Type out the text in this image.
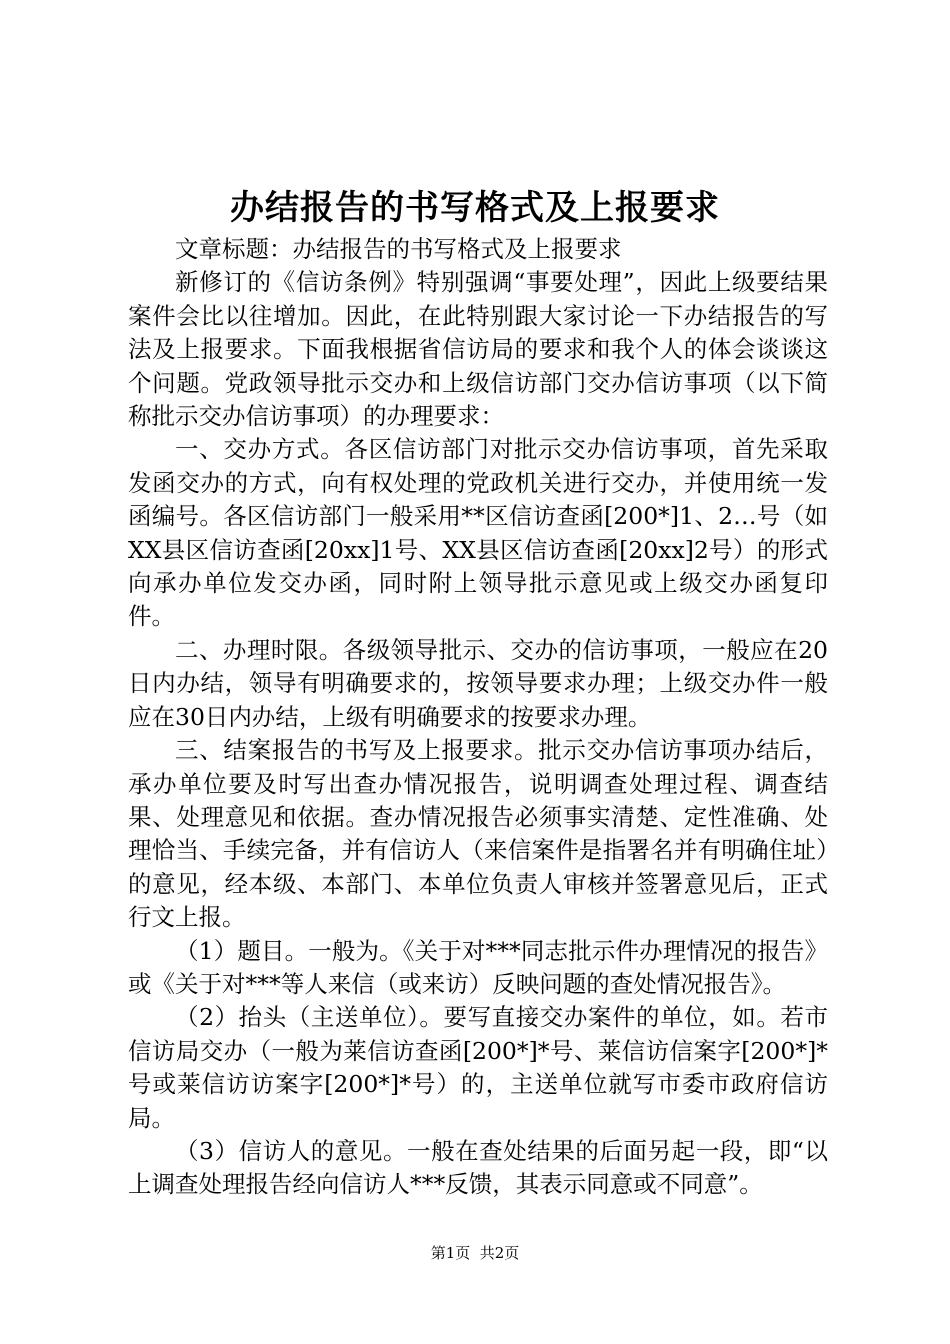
办结报告的书写格式及上报要求

文章标题：办结报告的书写格式及上报要求

新修订的《信访条例》特别强调“事要处理”，因此上级要结果案件会比以往增加。因此，在此特别跟大家讨论一下办结报告的写法及上报要求。下面我根据省信访局的要求和我个人的体会谈谈这个问题。党政领导批示交办和上级信访部门交办信访事项（以下简称批示交办信访事项）的办理要求：

一、交办方式。各区信访部门对批示交办信访事项，首先采取发函交办的方式，向有权处理的党政机关进行交办，并使用统一发函编号。各区信访部门一般采用**区信访查函[200*]1、2…号（如XX县区信访查函[20xx]1号、XX县区信访查函[20xx]2号）的形式向承办单位发交办函，同时附上领导批示意见或上级交办函复印件。

二、办理时限。各级领导批示、交办的信访事项，一般应在20日内办结，领导有明确要求的，按领导要求办理；上级交办件一般应在30日内办结，上级有明确要求的按要求办理。

三、结案报告的书写及上报要求。批示交办信访事项办结后，承办单位要及时写出查办情况报告，说明调查处理过程、调查结果、处理意见和依据。查办情况报告必须事实清楚、定性准确、处理恰当、手续完备，并有信访人（来信案件是指署名并有明确住址）的意见，经本级、本部门、本单位负责人审核并签署意见后，正式行文上报。

（1）题目。一般为。《关于对***同志批示件办理情况的报告》或《关于对***等人来信（或来访）反映问题的查处情况报告》。

（2）抬头（主送单位）。要写直接交办案件的单位，如。若市信访局交办（一般为莱信访查函[200*]*号、莱信访信案字[200*]*号或莱信访访案字[200*]*号）的，主送单位就写市委市政府信访局。

（3）信访人的意见。一般在查处结果的后面另起一段，即“以上调查处理报告经向信访人***反馈，其表示同意或不同意”。

第1页  共2页
